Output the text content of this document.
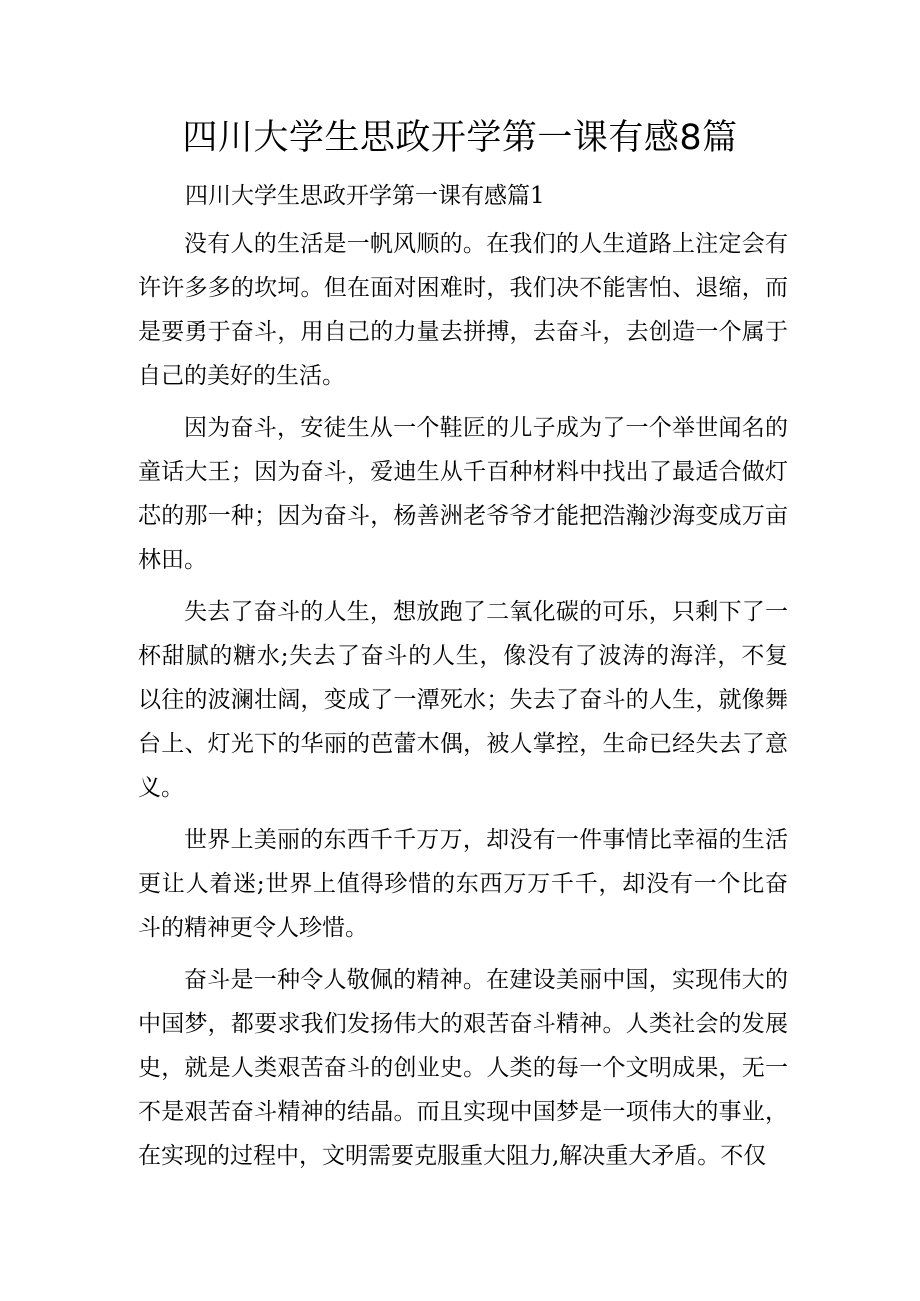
四川大学生思政开学第一课有感8篇

四川大学生思政开学第一课有感篇1

没有人的生活是一帆风顺的。在我们的人生道路上注定会有许许多多的坎坷。但在面对困难时，我们决不能害怕、退缩，而是要勇于奋斗，用自己的力量去拼搏，去奋斗，去创造一个属于自己的美好的生活。

因为奋斗，安徒生从一个鞋匠的儿子成为了一个举世闻名的童话大王；因为奋斗，爱迪生从千百种材料中找出了最适合做灯芯的那一种；因为奋斗，杨善洲老爷爷才能把浩瀚沙海变成万亩林田。

失去了奋斗的人生，想放跑了二氧化碳的可乐，只剩下了一杯甜腻的糖水;失去了奋斗的人生，像没有了波涛的海洋，不复以往的波澜壮阔，变成了一潭死水；失去了奋斗的人生，就像舞台上、灯光下的华丽的芭蕾木偶，被人掌控，生命已经失去了意义。

世界上美丽的东西千千万万，却没有一件事情比幸福的生活更让人着迷;世界上值得珍惜的东西万万千千，却没有一个比奋斗的精神更令人珍惜。

奋斗是一种令人敬佩的精神。在建设美丽中国，实现伟大的中国梦，都要求我们发扬伟大的艰苦奋斗精神。人类社会的发展史，就是人类艰苦奋斗的创业史。人类的每一个文明成果，无一不是艰苦奋斗精神的结晶。而且实现中国梦是一项伟大的事业，在实现的过程中，文明需要克服重大阻力,解决重大矛盾。不仅
